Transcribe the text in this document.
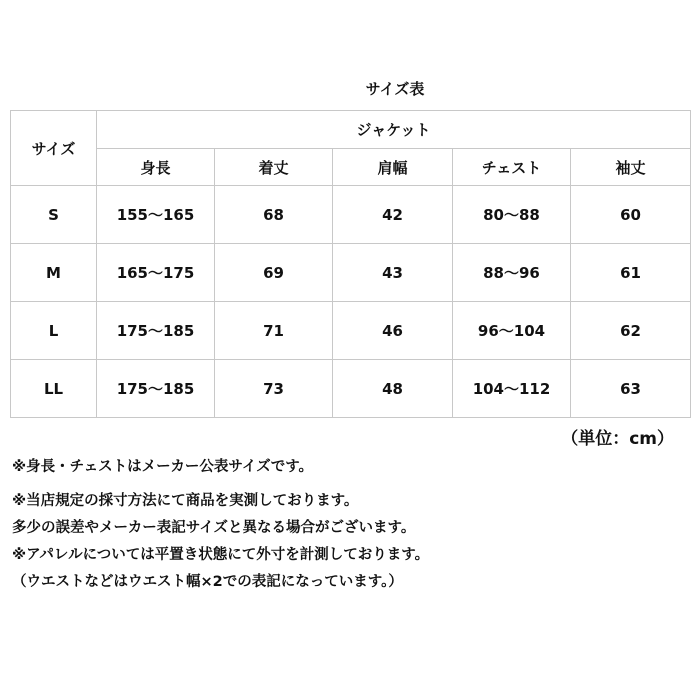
サイズ表
サイズ	ジャケット				
	身長	着丈	肩幅	チェスト	袖丈
S	155～165	68	42	80～88	60
M	165～175	69	43	88～96	61
L	175～185	71	46	96～104	62
LL	175～185	73	48	104～112	63
（単位：cm）
※身長・チェストはメーカー公表サイズです。
※当店規定の採寸方法にて商品を実測しております。
多少の誤差やメーカー表記サイズと異なる場合がございます。
※アパレルについては平置き状態にて外寸を計測しております。
（ウエストなどはウエスト幅×2での表記になっています。）
